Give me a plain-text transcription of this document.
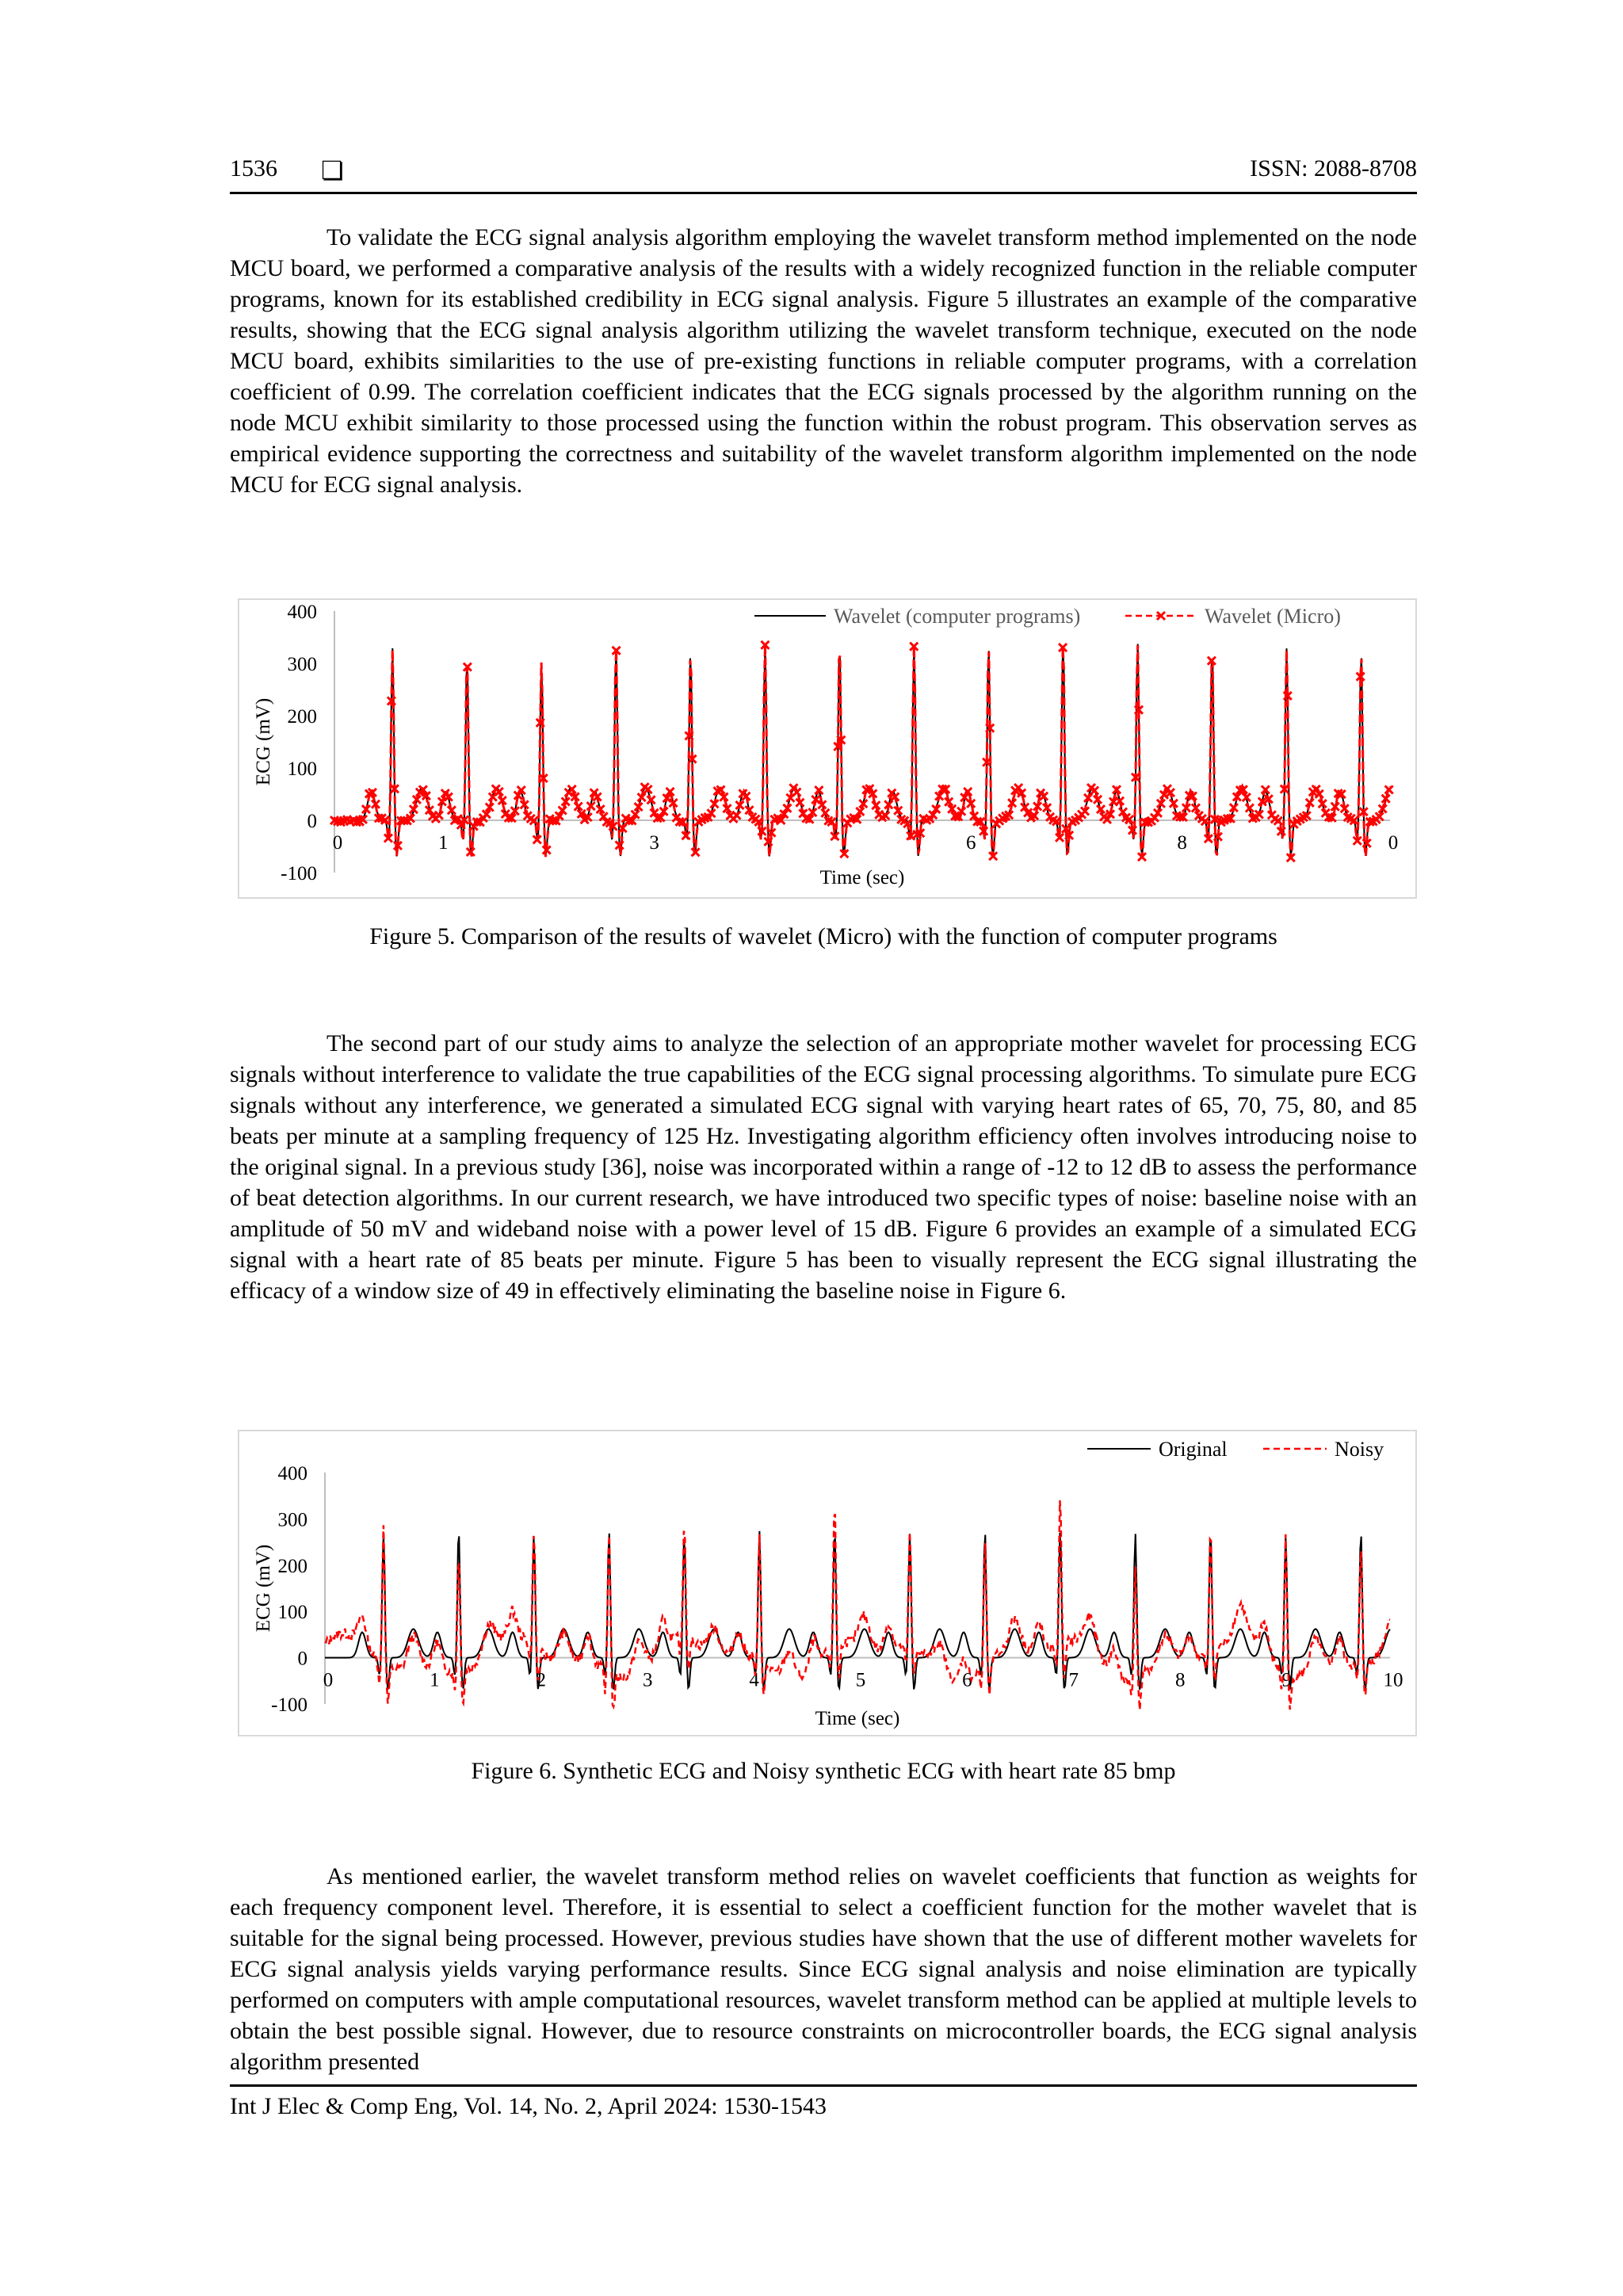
1536 ❏	ISSN: 2088-8708

To validate the ECG signal analysis algorithm employing the wavelet transform method implemented on the node MCU board, we performed a comparative analysis of the results with a widely recognized function in the reliable computer programs, known for its established credibility in ECG signal analysis. Figure 5 illustrates an example of the comparative results, showing that the ECG signal analysis algorithm utilizing the wavelet transform technique, executed on the node MCU board, exhibits similarities to the use of pre-existing functions in reliable computer programs, with a correlation coefficient of 0.99. The correlation coefficient indicates that the ECG signals processed by the algorithm running on the node MCU exhibit similarity to those processed using the function within the robust program. This observation serves as empirical evidence supporting the correctness and suitability of the wavelet transform algorithm implemented on the node MCU for ECG signal analysis.

400
300
200
100
0
-100
0	1	3	6	8	0
Time (sec)
ECG (mV)
Wavelet (computer programs)	Wavelet (Micro)
Figure 5. Comparison of the results of wavelet (Micro) with the function of computer programs

The second part of our study aims to analyze the selection of an appropriate mother wavelet for processing ECG signals without interference to validate the true capabilities of the ECG signal processing algorithms. To simulate pure ECG signals without any interference, we generated a simulated ECG signal with varying heart rates of 65, 70, 75, 80, and 85 beats per minute at a sampling frequency of 125 Hz. Investigating algorithm efficiency often involves introducing noise to the original signal. In a previous study [36], noise was incorporated within a range of -12 to 12 dB to assess the performance of beat detection algorithms. In our current research, we have introduced two specific types of noise: baseline noise with an amplitude of 50 mV and wideband noise with a power level of 15 dB. Figure 6 provides an example of a simulated ECG signal with a heart rate of 85 beats per minute. Figure 5 has been to visually represent the ECG signal illustrating the efficacy of a window size of 49 in effectively eliminating the baseline noise in Figure 6.

400
300
200
100
0
-100
0	1	2	3	4	5	6	7	8	9	10
Time (sec)
ECG (mV)
Original	Noisy
Figure 6. Synthetic ECG and Noisy synthetic ECG with heart rate 85 bmp

As mentioned earlier, the wavelet transform method relies on wavelet coefficients that function as weights for each frequency component level. Therefore, it is essential to select a coefficient function for the mother wavelet that is suitable for the signal being processed. However, previous studies have shown that the use of different mother wavelets for ECG signal analysis yields varying performance results. Since ECG signal analysis and noise elimination are typically performed on computers with ample computational resources, wavelet transform method can be applied at multiple levels to obtain the best possible signal. However, due to resource constraints on microcontroller boards, the ECG signal analysis algorithm presented

Int J Elec & Comp Eng, Vol. 14, No. 2, April 2024: 1530-1543
